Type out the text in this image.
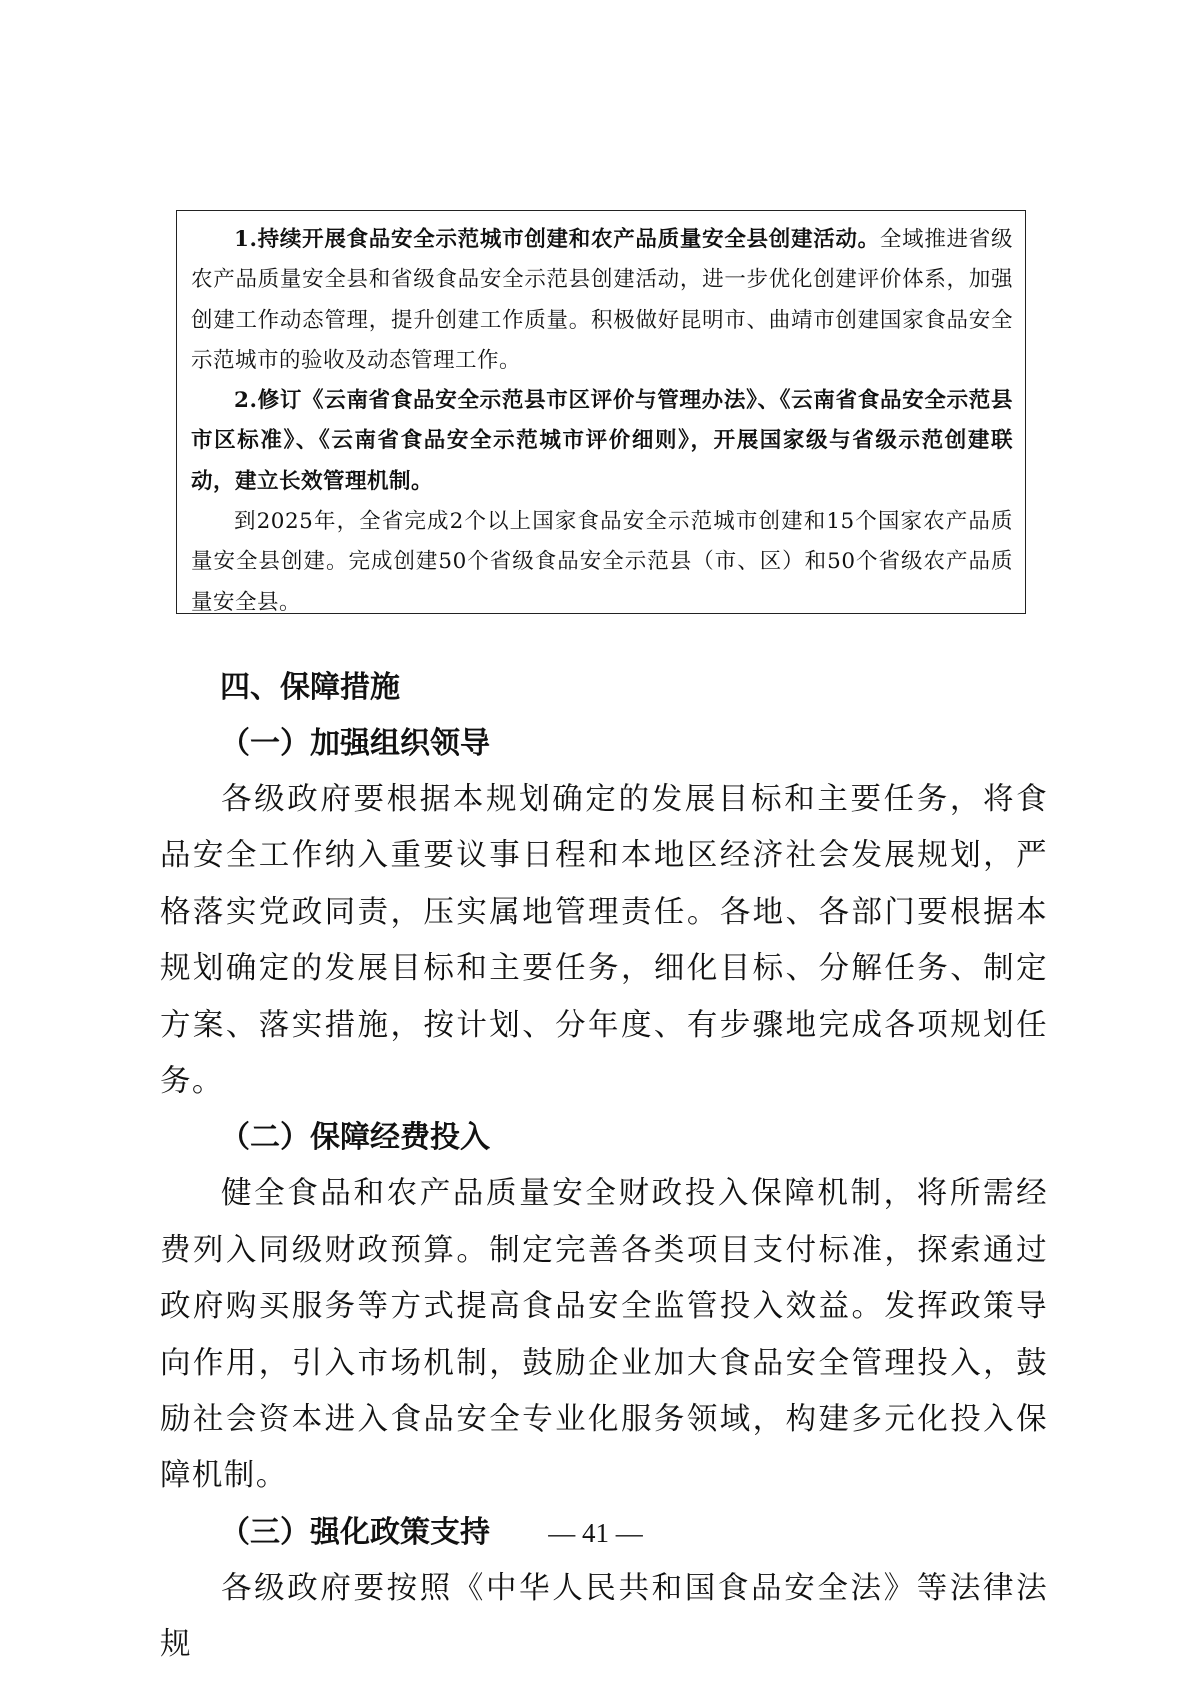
1.持续开展食品安全示范城市创建和农产品质量安全县创建活动。全域推进省级农产品质量安全县和省级食品安全示范县创建活动，进一步优化创建评价体系，加强创建工作动态管理，提升创建工作质量。积极做好昆明市、曲靖市创建国家食品安全示范城市的验收及动态管理工作。

2.修订《云南省食品安全示范县市区评价与管理办法》、《云南省食品安全示范县市区标准》、《云南省食品安全示范城市评价细则》，开展国家级与省级示范创建联动，建立长效管理机制。

到2025年，全省完成2个以上国家食品安全示范城市创建和15个国家农产品质量安全县创建。完成创建50个省级食品安全示范县（市、区）和50个省级农产品质量安全县。

四、保障措施

（一）加强组织领导

各级政府要根据本规划确定的发展目标和主要任务，将食品安全工作纳入重要议事日程和本地区经济社会发展规划，严格落实党政同责，压实属地管理责任。各地、各部门要根据本规划确定的发展目标和主要任务，细化目标、分解任务、制定方案、落实措施，按计划、分年度、有步骤地完成各项规划任务。

（二）保障经费投入

健全食品和农产品质量安全财政投入保障机制，将所需经费列入同级财政预算。制定完善各类项目支付标准，探索通过政府购买服务等方式提高食品安全监管投入效益。发挥政策导向作用，引入市场机制，鼓励企业加大食品安全管理投入，鼓励社会资本进入食品安全专业化服务领域，构建多元化投入保障机制。

（三）强化政策支持

各级政府要按照《中华人民共和国食品安全法》等法律法规

— 41 —
